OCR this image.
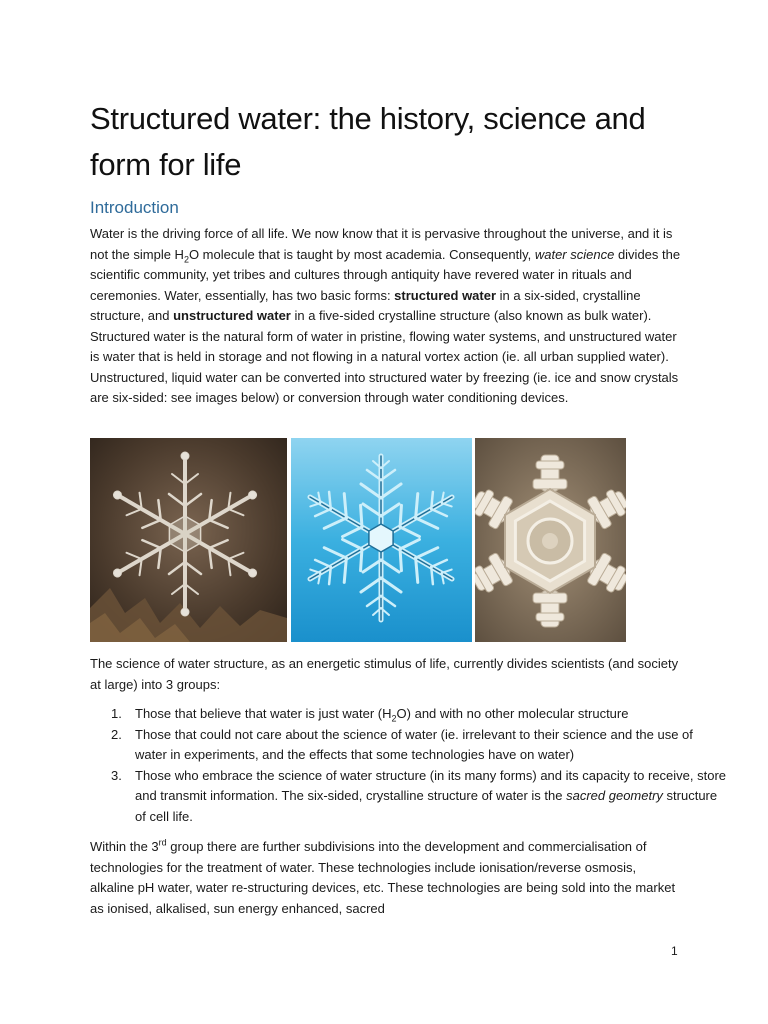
Structured water: the history, science and form for life
Introduction

Water is the driving force of all life. We now know that it is pervasive throughout the universe, and it is not the simple $H_2O$ molecule that is taught by most academia. Consequently, water science divides the scientific community, yet tribes and cultures through antiquity have revered water in rituals and ceremonies. Water, essentially, has two basic forms: structured water in a six-sided, crystalline structure, and unstructured water in a five-sided crystalline structure (also known as bulk water). Structured water is the natural form of water in pristine, flowing water systems, and unstructured water is water that is held in storage and not flowing in a natural vortex action (ie. all urban supplied water). Unstructured, liquid water can be converted into structured water by freezing (ie. ice and snow crystals are six-sided: see images below) or conversion through water conditioning devices.

The science of water structure, as an energetic stimulus of life, currently divides scientists (and society at large) into 3 groups:

1. Those that believe that water is just water $(H_2O)$ and with no other molecular structure
2. Those that could not care about the science of water (ie. irrelevant to their science and the use of water in experiments, and the effects that some technologies have on water)
3. Those who embrace the science of water structure (in its many forms) and its capacity to receive, store and transmit information. The six-sided, crystalline structure of water is the sacred geometry structure of cell life.

Within the 3rd group there are further subdivisions into the development and commercialisation of technologies for the treatment of water. These technologies include ionisation/reverse osmosis, alkaline pH water, water re-structuring devices, etc. These technologies are being sold into the market as ionised, alkalised, sun energy enhanced, sacred

1
